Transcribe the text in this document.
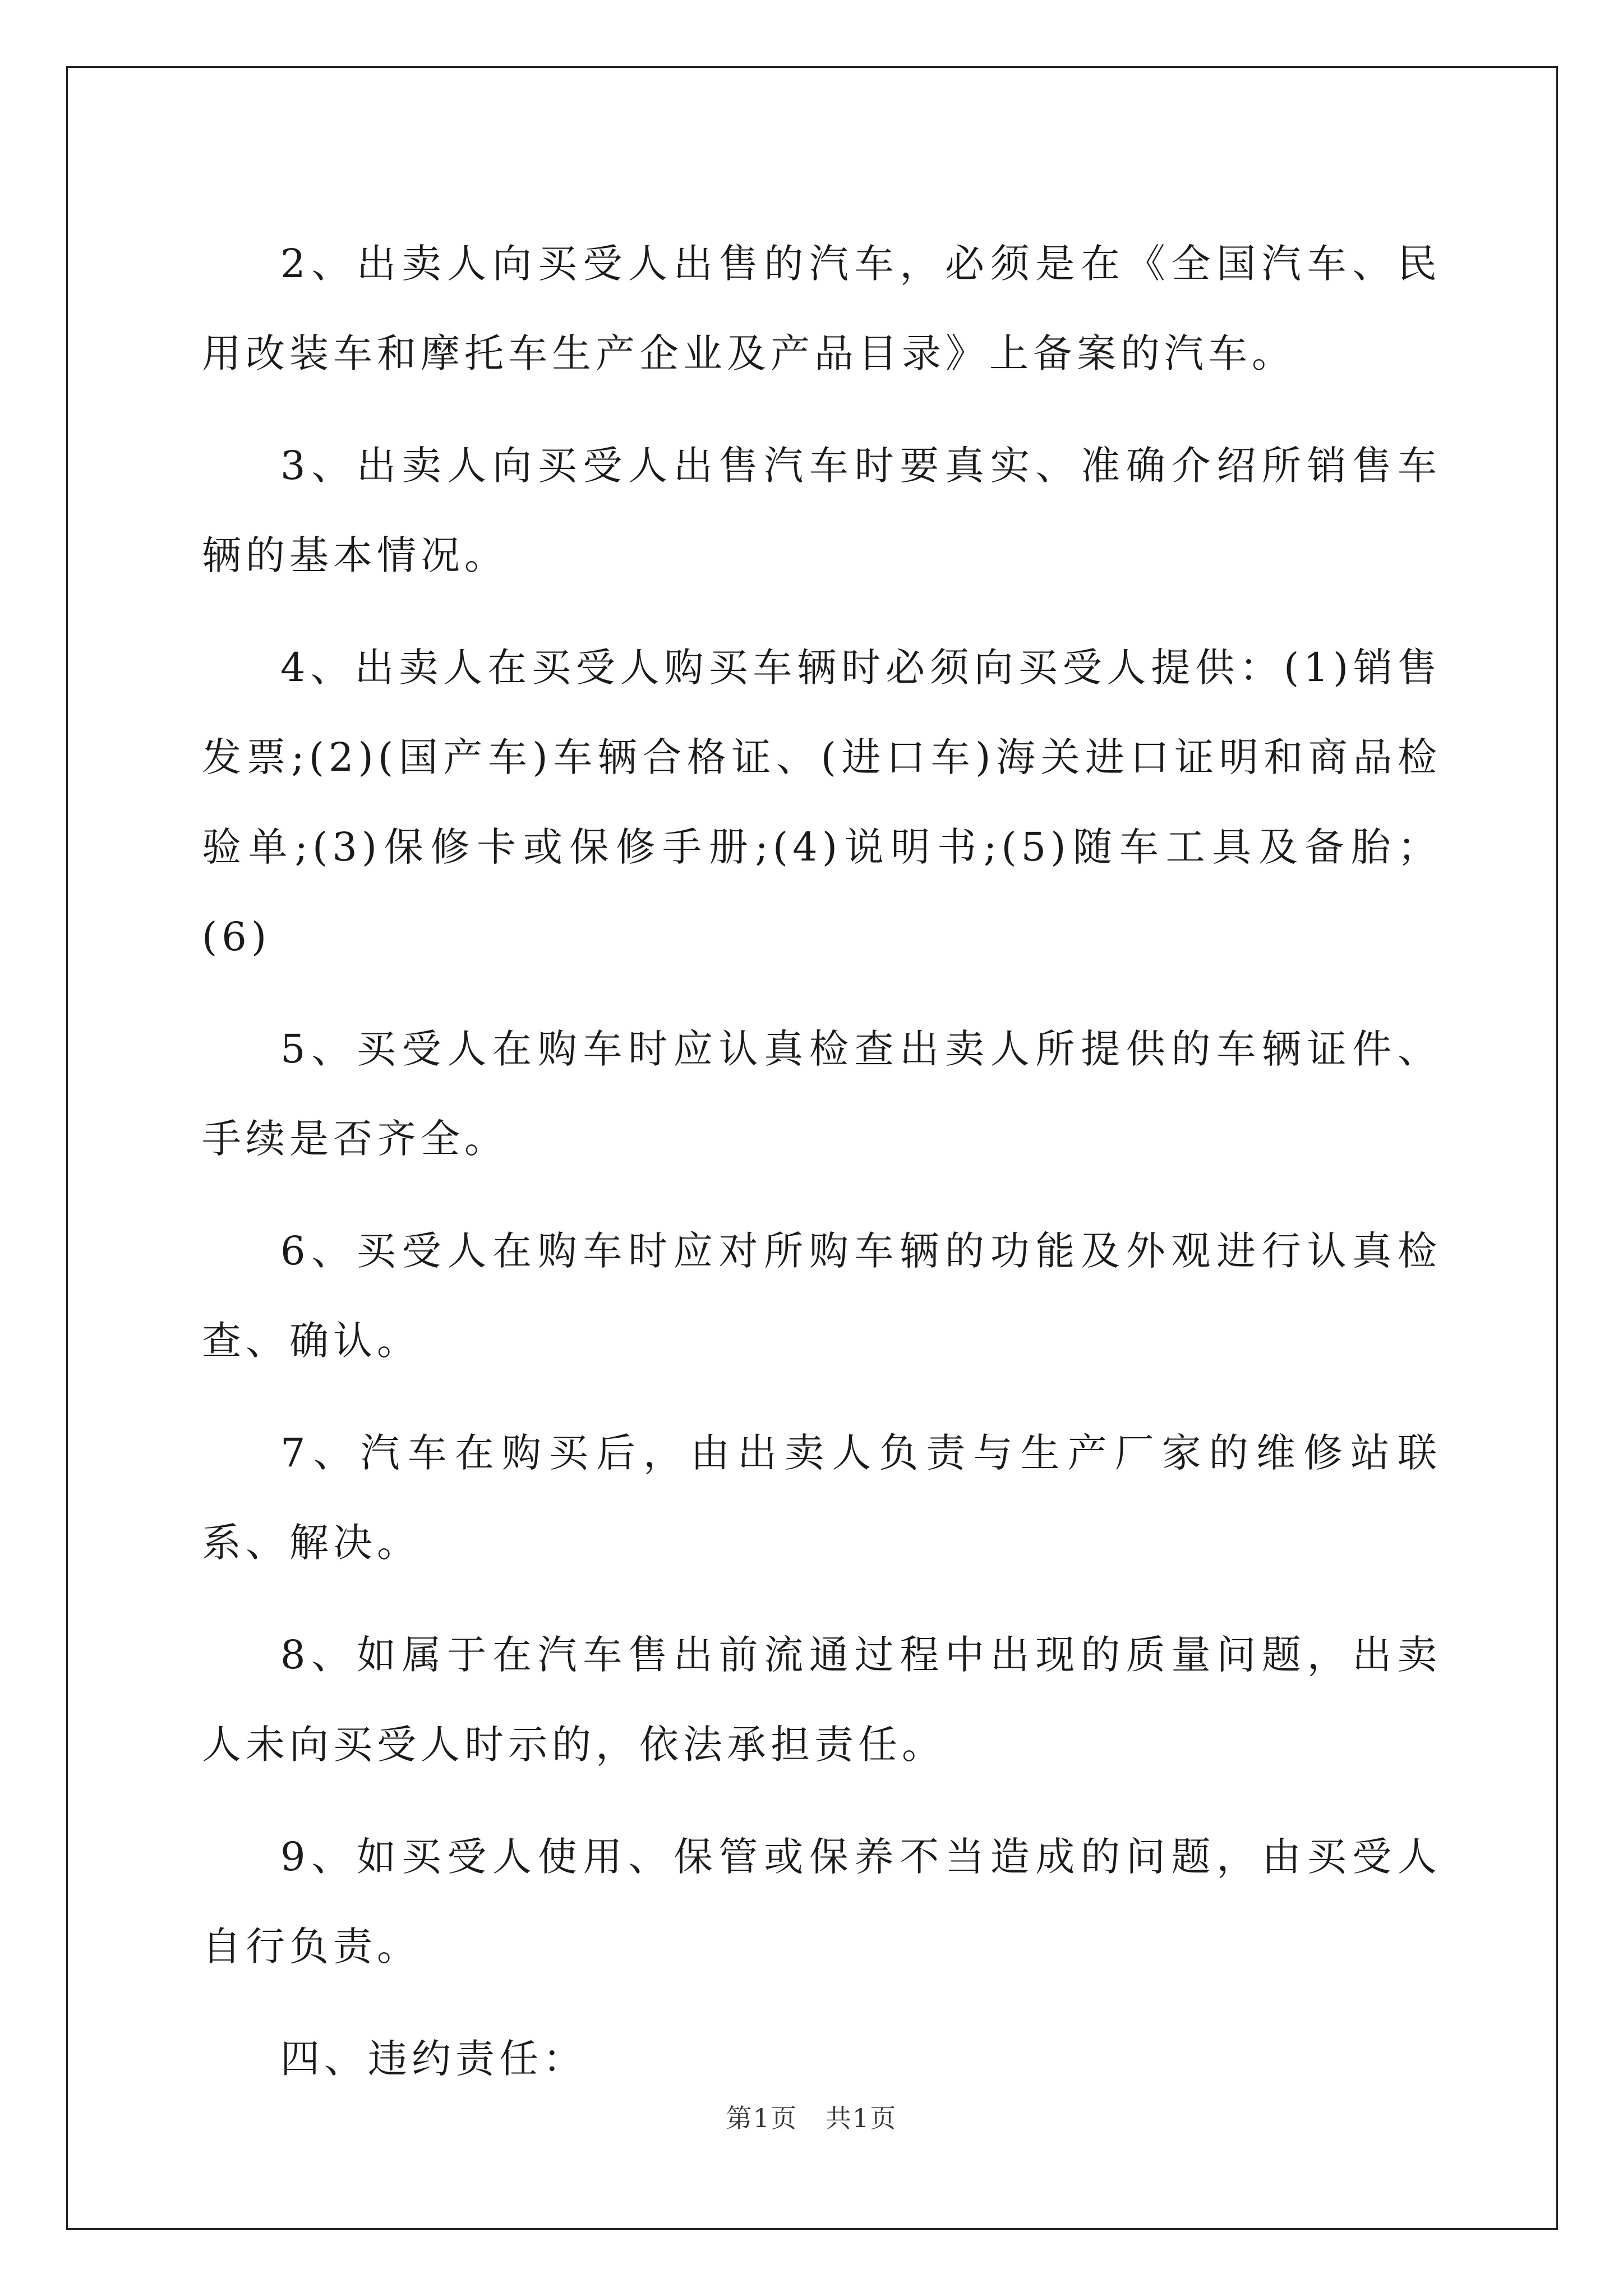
2、出卖人向买受人出售的汽车，必须是在《全国汽车、民用改装车和摩托车生产企业及产品目录》上备案的汽车。

3、出卖人向买受人出售汽车时要真实、准确介绍所销售车辆的基本情况。

4、出卖人在买受人购买车辆时必须向买受人提供：(1)销售发票;(2)(国产车)车辆合格证、(进口车)海关进口证明和商品检验单;(3)保修卡或保修手册;(4)说明书;(5)随车工具及备胎； (6)

5、买受人在购车时应认真检查出卖人所提供的车辆证件、手续是否齐全。

6、买受人在购车时应对所购车辆的功能及外观进行认真检查、确认。

7、汽车在购买后，由出卖人负责与生产厂家的维修站联系、解决。

8、如属于在汽车售出前流通过程中出现的质量问题，出卖人未向买受人时示的，依法承担责任。

9、如买受人使用、保管或保养不当造成的问题，由买受人自行负责。

四、违约责任：

第1页   共1页
